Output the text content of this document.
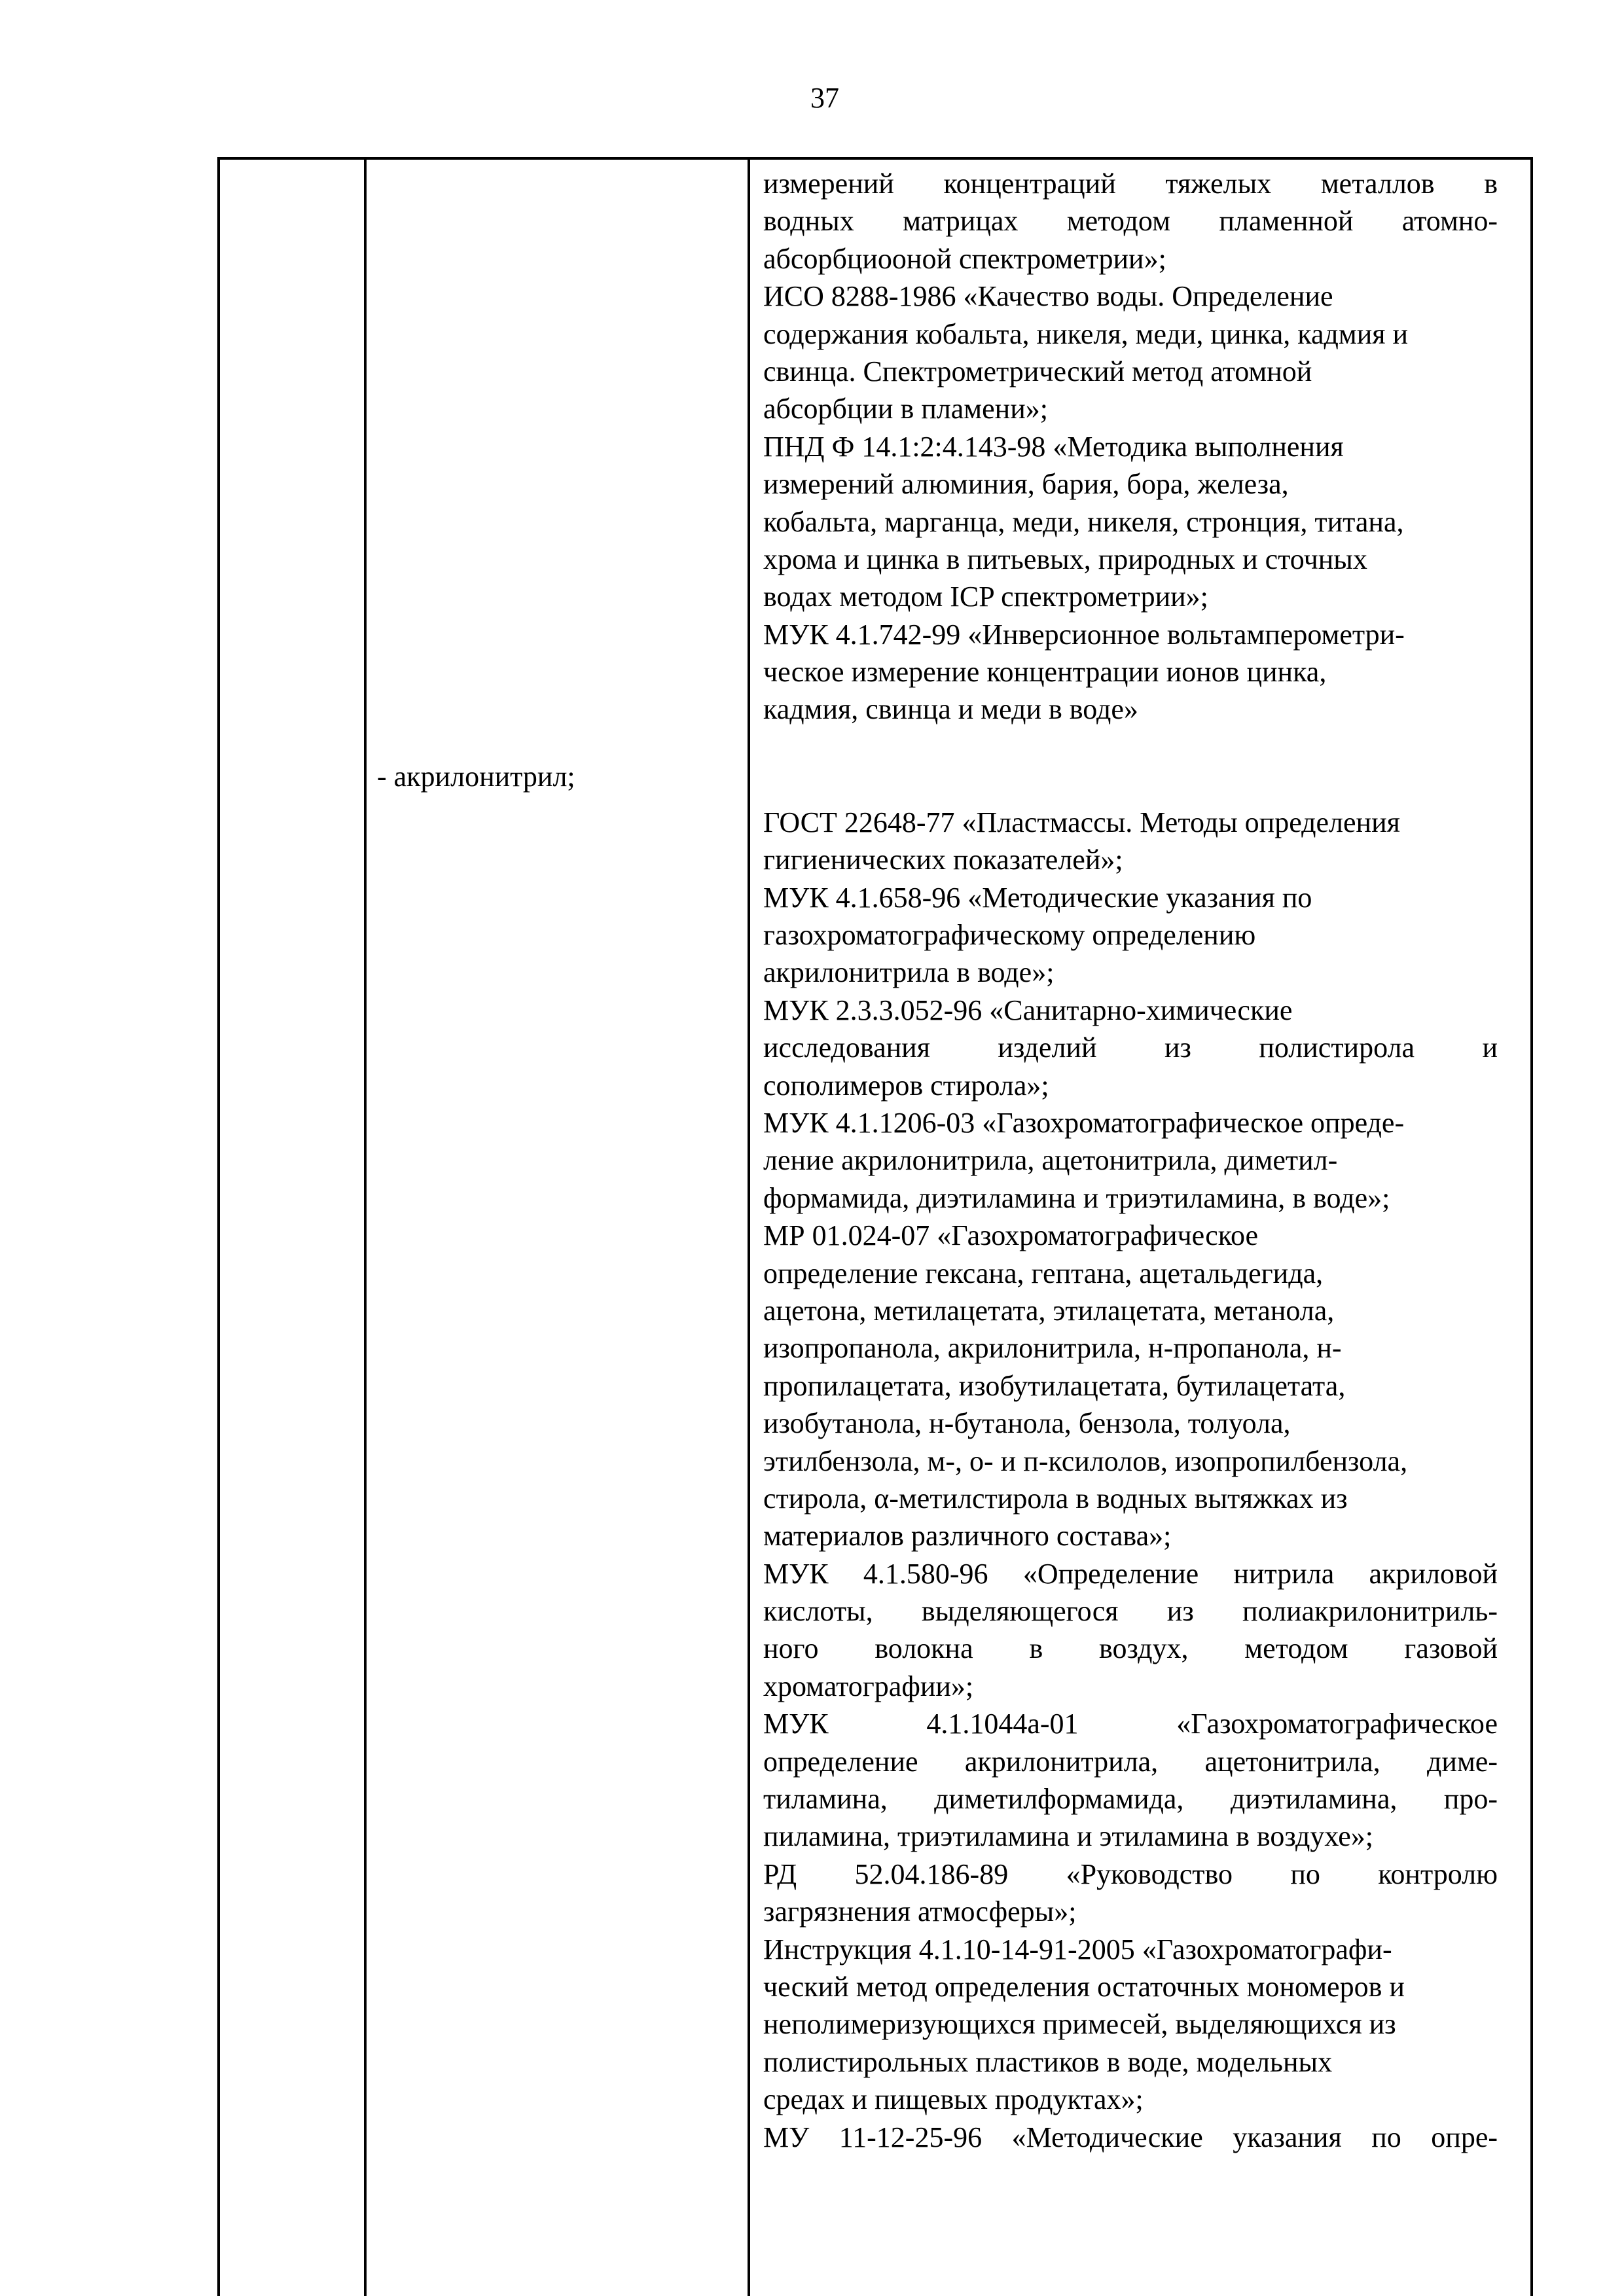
37
- акрилонитрил;
измерений концентраций тяжелых металлов в
водных матрицах методом пламенной атомно-
абсорбциооной спектрометрии»;
ИСО 8288-1986 «Качество воды. Определение
содержания кобальта, никеля, меди, цинка, кадмия и
свинца. Спектрометрический метод атомной
абсорбции в пламени»;
ПНД Ф 14.1:2:4.143-98 «Методика выполнения
измерений алюминия, бария, бора, железа,
кобальта, марганца, меди, никеля, стронция, титана,
хрома и цинка в питьевых, природных и сточных
водах методом ICP спектрометрии»;
МУК 4.1.742-99 «Инверсионное вольтамперометри-
ческое измерение концентрации ионов цинка,
кадмия, свинца и меди в воде»
ГОСТ 22648-77 «Пластмассы. Методы определения
гигиенических показателей»;
МУК 4.1.658-96 «Методические указания по
газохроматографическому определению
акрилонитрила в воде»;
МУК 2.3.3.052-96 «Санитарно-химические
исследования изделий из полистирола и
сополимеров стирола»;
МУК 4.1.1206-03 «Газохроматографическое опреде-
ление акрилонитрила, ацетонитрила, диметил-
формамида, диэтиламина и триэтиламина, в воде»;
МР 01.024-07 «Газохроматографическое
определение гексана, гептана, ацетальдегида,
ацетона, метилацетата, этилацетата, метанола,
изопропанола, акрилонитрила, н-пропанола, н-
пропилацетата, изобутилацетата, бутилацетата,
изобутанола, н-бутанола, бензола, толуола,
этилбензола, м-, о- и п-ксилолов, изопропилбензола,
стирола, α-метилстирола в водных вытяжках из
материалов различного состава»;
МУК 4.1.580-96 «Определение нитрила акриловой
кислоты, выделяющегося из полиакрилонитриль-
ного волокна в воздух, методом газовой
хроматографии»;
МУК 4.1.1044а-01 «Газохроматографическое
определение акрилонитрила, ацетонитрила, диме-
тиламина, диметилформамида, диэтиламина, про-
пиламина, триэтиламина и этиламина в воздухе»;
РД 52.04.186-89 «Руководство по контролю
загрязнения атмосферы»;
Инструкция 4.1.10-14-91-2005 «Газохроматографи-
ческий метод определения остаточных мономеров и
неполимеризующихся примесей, выделяющихся из
полистирольных пластиков в воде, модельных
средах и пищевых продуктах»;
МУ 11-12-25-96 «Методические указания по опре-
